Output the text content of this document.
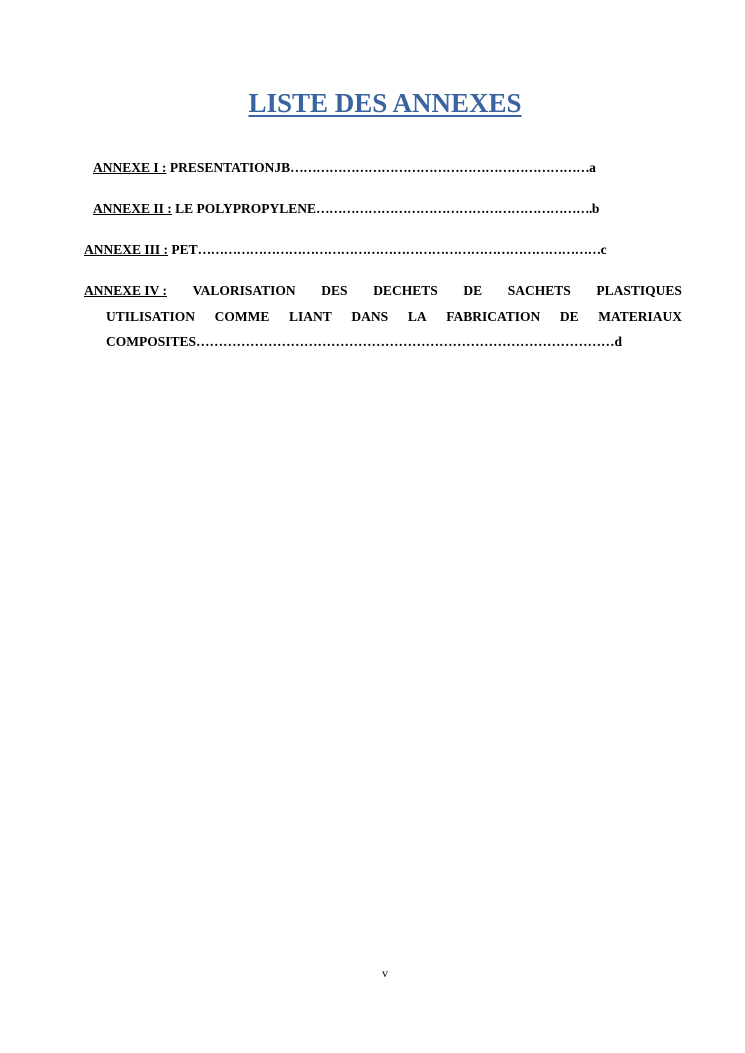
LISTE DES ANNEXES
ANNEXE I : PRESENTATIONJB……………………………………………………………a
ANNEXE II : LE POLYPROPYLENE……………………………………………………….b
ANNEXE III : PET…………………………………………………………………………………c
ANNEXE IV : VALORISATION DES DECHETS DE SACHETS PLASTIQUES
UTILISATION COMME LIANT DANS LA FABRICATION DE MATERIAUX
COMPOSITES…………………………………………………………………………………d
v
